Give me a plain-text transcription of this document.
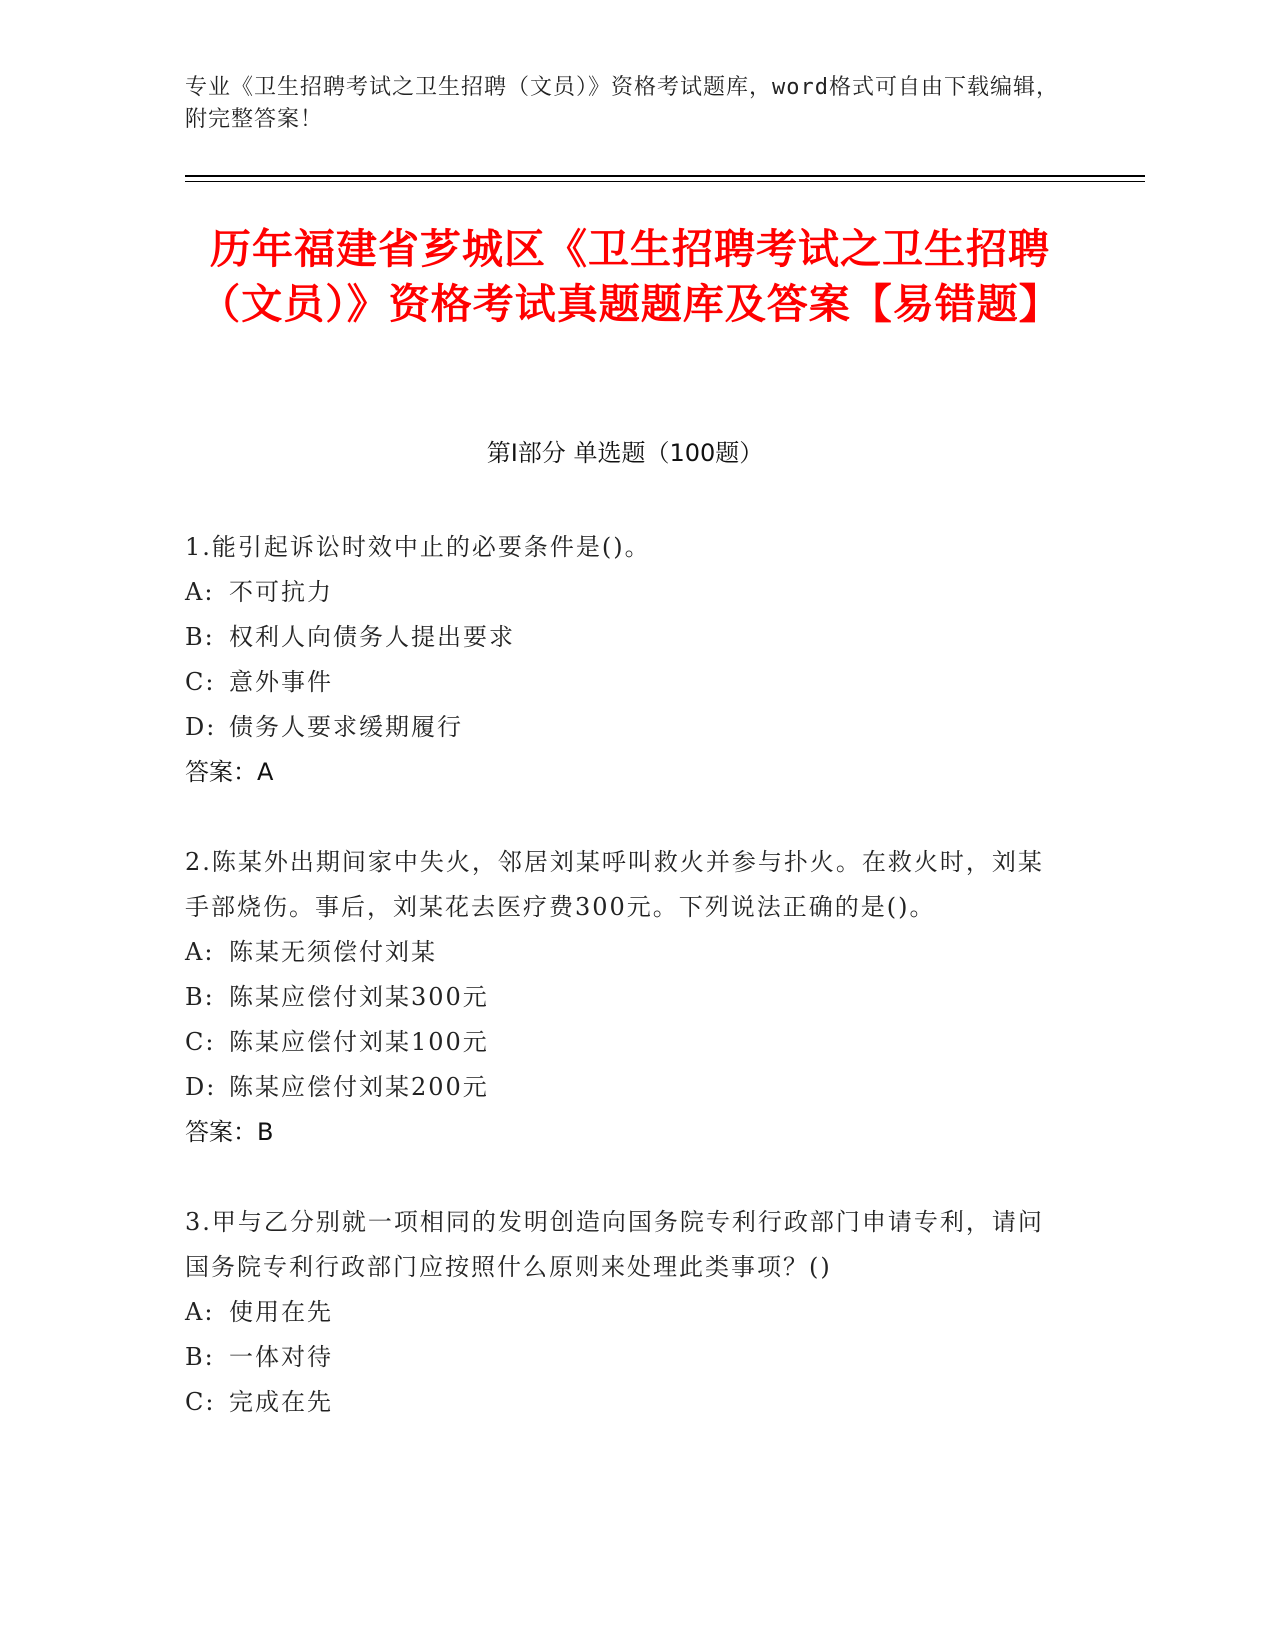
专业《卫生招聘考试之卫生招聘（文员）》资格考试题库，word格式可自由下载编辑，附完整答案！
历年福建省芗城区《卫生招聘考试之卫生招聘（文员）》资格考试真题题库及答案【易错题】
第Ⅰ部分 单选题（100题）
1.能引起诉讼时效中止的必要条件是()。
A: 不可抗力
B: 权利人向债务人提出要求
C: 意外事件
D: 债务人要求缓期履行
答案：A
2.陈某外出期间家中失火，邻居刘某呼叫救火并参与扑火。在救火时，刘某手部烧伤。事后，刘某花去医疗费300元。下列说法正确的是()。
A: 陈某无须偿付刘某
B: 陈某应偿付刘某300元
C: 陈某应偿付刘某100元
D: 陈某应偿付刘某200元
答案：B
3.甲与乙分别就一项相同的发明创造向国务院专利行政部门申请专利，请问国务院专利行政部门应按照什么原则来处理此类事项？()
A: 使用在先
B: 一体对待
C: 完成在先
